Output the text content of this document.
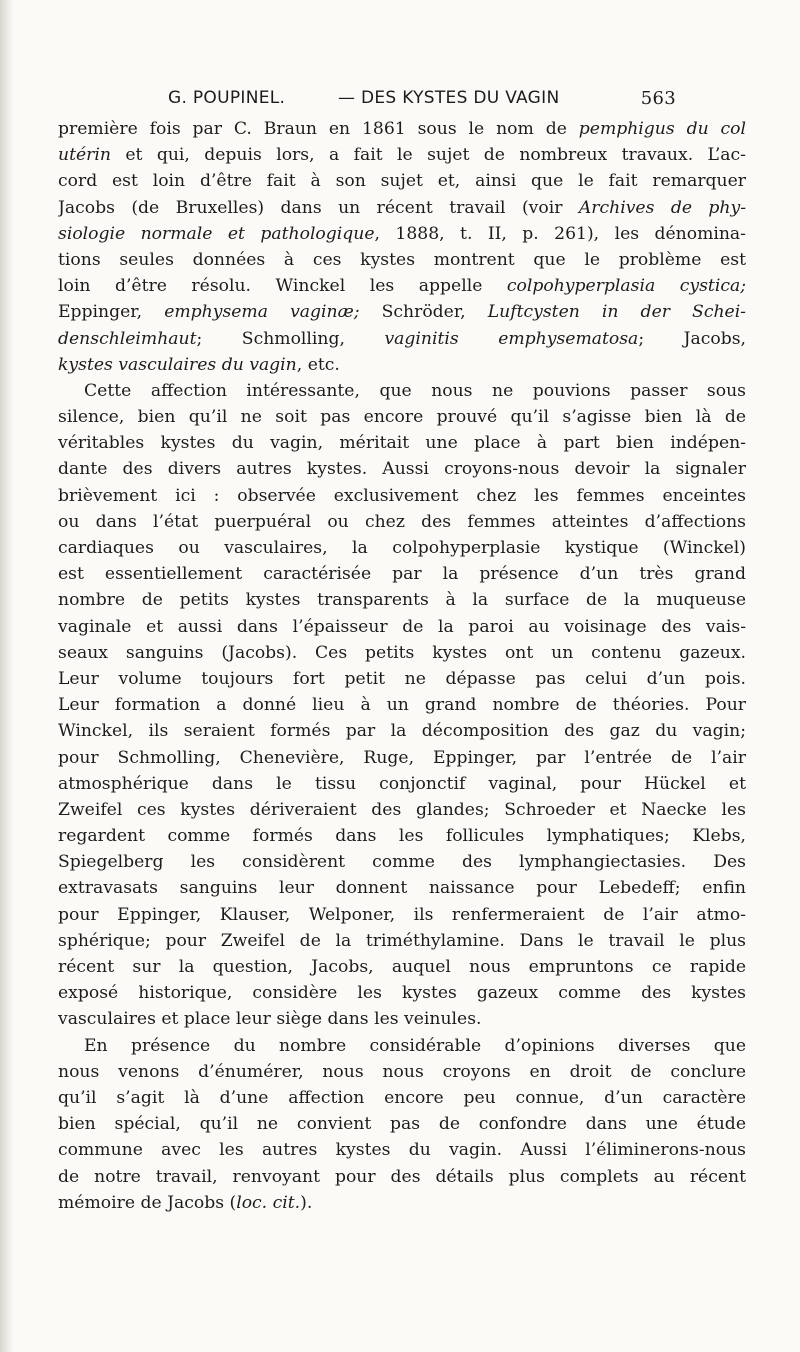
G. POUPINEL.	— DES KYSTES DU VAGIN	563
première fois par C. Braun en 1861 sous le nom de pemphigus du col
utérin et qui, depuis lors, a fait le sujet de nombreux travaux. L’ac-
cord est loin d’être fait à son sujet et, ainsi que le fait remarquer
Jacobs (de Bruxelles) dans un récent travail (voir Archives de phy-
siologie normale et pathologique, 1888, t. II, p. 261), les dénomina-
tions seules données à ces kystes montrent que le problème est
loin d’être résolu. Winckel les appelle colpohyperplasia cystica;
Eppinger, emphysema vaginæ; Schröder, Luftcysten in der Schei-
denschleimhaut; Schmolling, vaginitis emphysematosa; Jacobs,
kystes vasculaires du vagin, etc.
Cette affection intéressante, que nous ne pouvions passer sous
silence, bien qu’il ne soit pas encore prouvé qu’il s’agisse bien là de
véritables kystes du vagin, méritait une place à part bien indépen-
dante des divers autres kystes. Aussi croyons-nous devoir la signaler
brièvement ici : observée exclusivement chez les femmes enceintes
ou dans l’état puerpuéral ou chez des femmes atteintes d’affections
cardiaques ou vasculaires, la colpohyperplasie kystique (Winckel)
est essentiellement caractérisée par la présence d’un très grand
nombre de petits kystes transparents à la surface de la muqueuse
vaginale et aussi dans l’épaisseur de la paroi au voisinage des vais-
seaux sanguins (Jacobs). Ces petits kystes ont un contenu gazeux.
Leur volume toujours fort petit ne dépasse pas celui d’un pois.
Leur formation a donné lieu à un grand nombre de théories. Pour
Winckel, ils seraient formés par la décomposition des gaz du vagin;
pour Schmolling, Chenevière, Ruge, Eppinger, par l’entrée de l’air
atmosphérique dans le tissu conjonctif vaginal, pour Hückel et
Zweifel ces kystes dériveraient des glandes; Schroeder et Naecke les
regardent comme formés dans les follicules lymphatiques; Klebs,
Spiegelberg les considèrent comme des lymphangiectasies. Des
extravasats sanguins leur donnent naissance pour Lebedeff; enfin
pour Eppinger, Klauser, Welponer, ils renfermeraient de l’air atmo-
sphérique; pour Zweifel de la triméthylamine. Dans le travail le plus
récent sur la question, Jacobs, auquel nous empruntons ce rapide
exposé historique, considère les kystes gazeux comme des kystes
vasculaires et place leur siège dans les veinules.
En présence du nombre considérable d’opinions diverses que
nous venons d’énumérer, nous nous croyons en droit de conclure
qu’il s’agit là d’une affection encore peu connue, d’un caractère
bien spécial, qu’il ne convient pas de confondre dans une étude
commune avec les autres kystes du vagin. Aussi l’éliminerons-nous
de notre travail, renvoyant pour des détails plus complets au récent
mémoire de Jacobs (loc. cit.).
